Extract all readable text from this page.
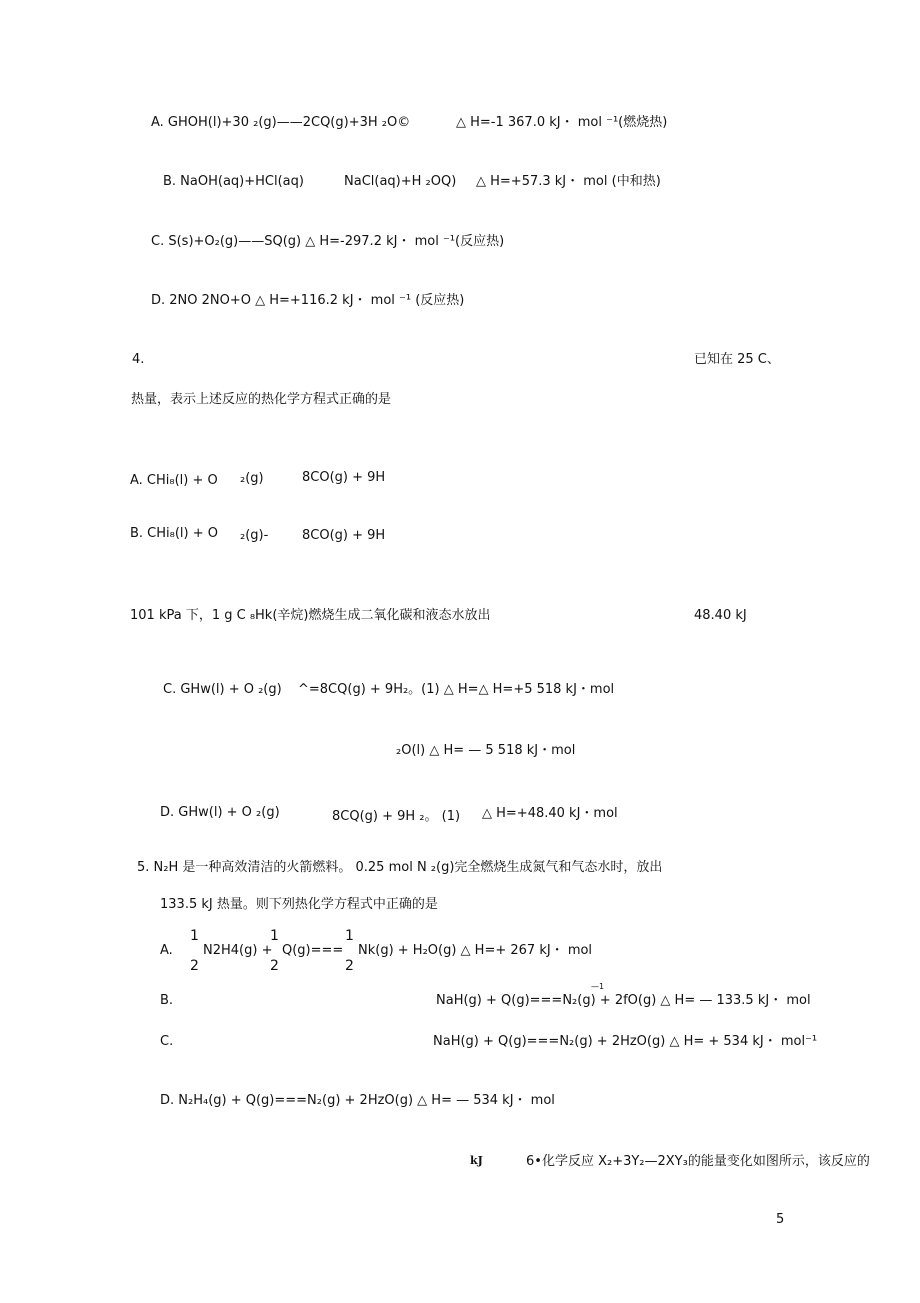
A. GHOH(l)+30 ₂(g)——2CQ(g)+3H ₂O©	△ H=-1 367.0 kJ・ mol ⁻¹(燃烧热)
B. NaOH(aq)+HCl(aq)	NaCl(aq)+H ₂OQ) △ H=+57.3 kJ・ mol (中和热)
C. S(s)+O₂(g)——SQ(g) △ H=-297.2 kJ・ mol ⁻¹(反应热)
D. 2NO 2NO+O △ H=+116.2 kJ・ mol ⁻¹ (反应热)
4.	已知在 25 C、
热量，表示上述反应的热化学方程式正确的是
A. CHi₈(l) + O ₂(g)	8CO(g) + 9H
B. CHi₈(l) + O ₂(g)-	8CO(g) + 9H
101 kPa 下，1 g C ₈Hk(辛烷)燃烧生成二氧化碳和液态水放出	48.40 kJ
C. GHw(l) + O ₂(g) ^=8CQ(g) + 9H₂。(1) △ H=△ H=+5 518 kJ・mol
₂O(l) △ H= — 5 518 kJ・mol
D. GHw(l) + O ₂(g)	8CQ(g) + 9H ₂。 (1) △ H=+48.40 kJ・mol
5. N₂H 是一种高效清洁的火箭燃料。 0.25 mol N ₂(g)完全燃烧生成氮气和气态水时，放出
133.5 kJ 热量。则下列热化学方程式中正确的是
A.
1
2
N2H4(g) +
1
2
Q(g)===
1
2
Nk(g) + H₂O(g) △ H=+ 267 kJ・ mol
—1
B.	NaH(g) + Q(g)===N₂(g) + 2fO(g) △ H= — 133.5 kJ・ mol
C.	NaH(g) + Q(g)===N₂(g) + 2HzO(g) △ H= + 534 kJ・ mol⁻¹
D. N₂H₄(g) + Q(g)===N₂(g) + 2HzO(g) △ H= — 534 kJ・ mol
kJ	6•化学反应 X₂+3Y₂—2XY₃的能量变化如图所示，该反应的
5
